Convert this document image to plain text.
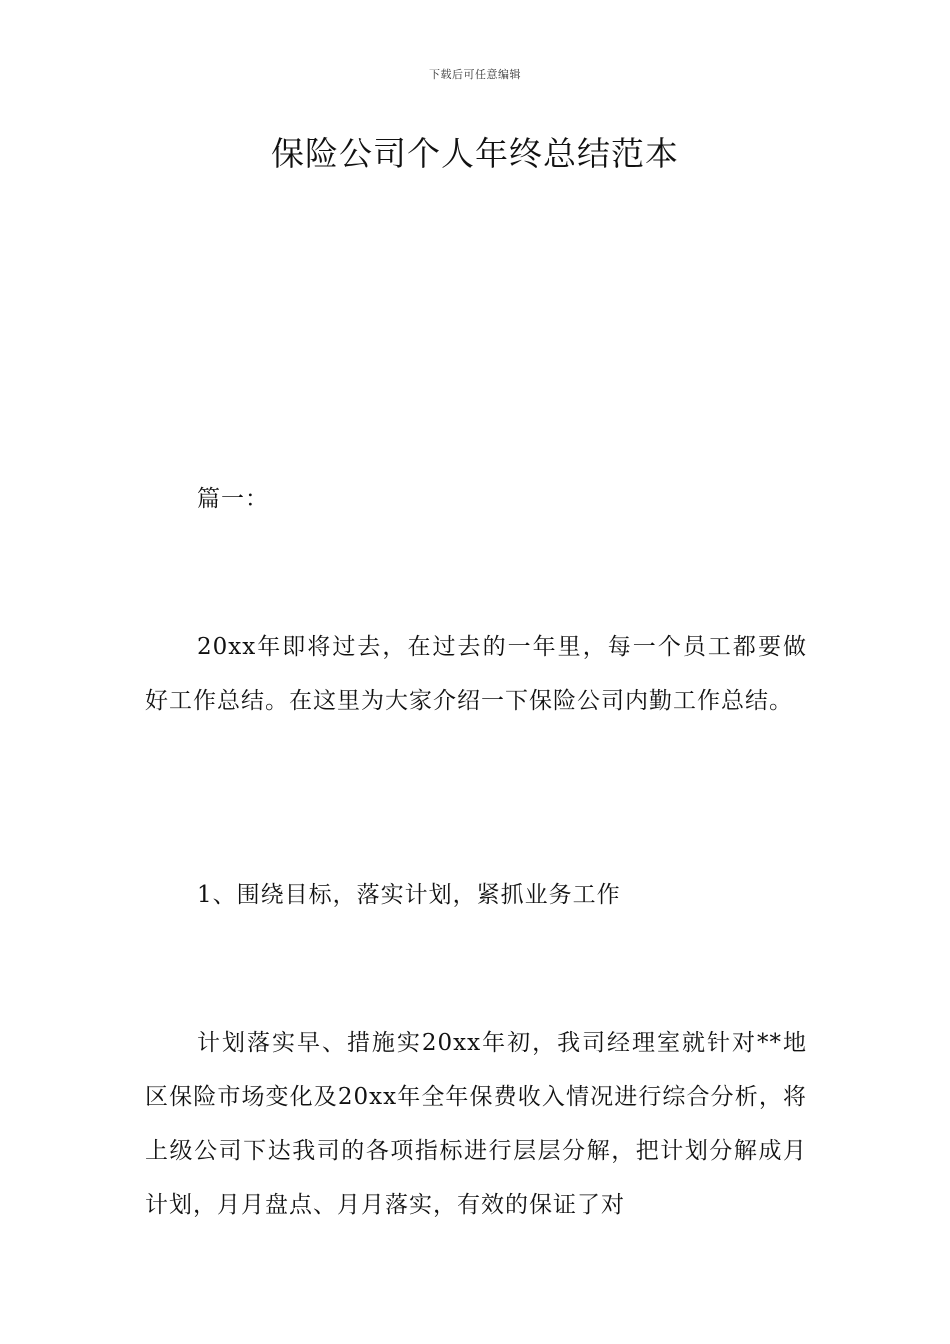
下载后可任意编辑
保险公司个人年终总结范本

篇一：

20xx年即将过去，在过去的一年里，每一个员工都要做好工作总结。在这里为大家介绍一下保险公司内勤工作总结。

1、围绕目标，落实计划，紧抓业务工作

计划落实早、措施实20xx年初，我司经理室就针对**地区保险市场变化及20xx年全年保费收入情况进行综合分析，将上级公司下达我司的各项指标进行层层分解，把计划分解成月计划，月月盘点、月月落实，有效的保证了对
